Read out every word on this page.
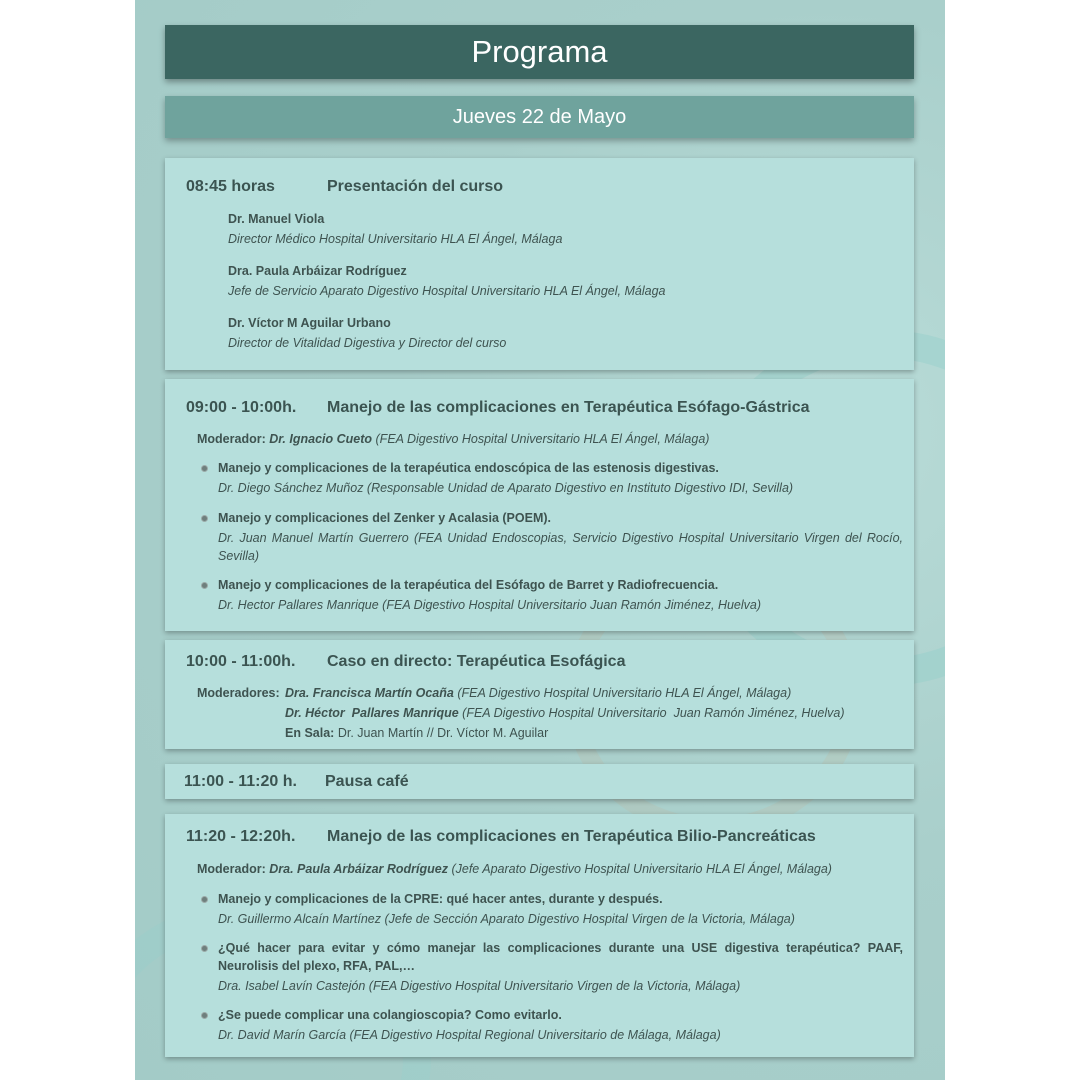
Programa
Jueves 22 de Mayo
08:45 horas	Presentación del curso
Dr. Manuel Viola
Director Médico Hospital Universitario HLA El Ángel, Málaga
Dra. Paula Arbáizar Rodríguez
Jefe de Servicio Aparato Digestivo Hospital Universitario HLA El Ángel, Málaga
Dr. Víctor M Aguilar Urbano
Director de Vitalidad Digestiva y Director del curso
09:00 - 10:00h. Manejo de las complicaciones en Terapéutica Esófago-Gástrica
Moderador: Dr. Ignacio Cueto (FEA Digestivo Hospital Universitario HLA El Ángel, Málaga)
Manejo y complicaciones de la terapéutica endoscópica de las estenosis digestivas.
Dr. Diego Sánchez Muñoz (Responsable Unidad de Aparato Digestivo en Instituto Digestivo IDI, Sevilla)
Manejo y complicaciones del Zenker y Acalasia (POEM).
Dr. Juan Manuel Martín Guerrero (FEA Unidad Endoscopias, Servicio Digestivo Hospital Universitario Virgen del Rocío, Sevilla)
Manejo y complicaciones de la terapéutica del Esófago de Barret y Radiofrecuencia.
Dr. Hector Pallares Manrique (FEA Digestivo Hospital Universitario Juan Ramón Jiménez, Huelva)
10:00 - 11:00h. Caso en directo: Terapéutica Esofágica
Moderadores: Dra. Francisca Martín Ocaña (FEA Digestivo Hospital Universitario HLA El Ángel, Málaga)
Dr. Héctor  Pallares Manrique (FEA Digestivo Hospital Universitario  Juan Ramón Jiménez, Huelva)
En Sala: Dr. Juan Martín // Dr. Víctor M. Aguilar
11:00 - 11:20 h. Pausa café
11:20 - 12:20h. Manejo de las complicaciones en Terapéutica Bilio-Pancreáticas
Moderador: Dra. Paula Arbáizar Rodríguez (Jefe Aparato Digestivo Hospital Universitario HLA El Ángel, Málaga)
Manejo y complicaciones de la CPRE: qué hacer antes, durante y después.
Dr. Guillermo Alcaín Martínez (Jefe de Sección Aparato Digestivo Hospital Virgen de la Victoria, Málaga)
¿Qué hacer para evitar y cómo manejar las complicaciones durante una USE digestiva terapéutica? PAAF, Neurolisis del plexo, RFA, PAL,…
Dra. Isabel Lavín Castejón (FEA Digestivo Hospital Universitario Virgen de la Victoria, Málaga)
¿Se puede complicar una colangioscopia? Como evitarlo.
Dr. David Marín García (FEA Digestivo Hospital Regional Universitario de Málaga, Málaga)
